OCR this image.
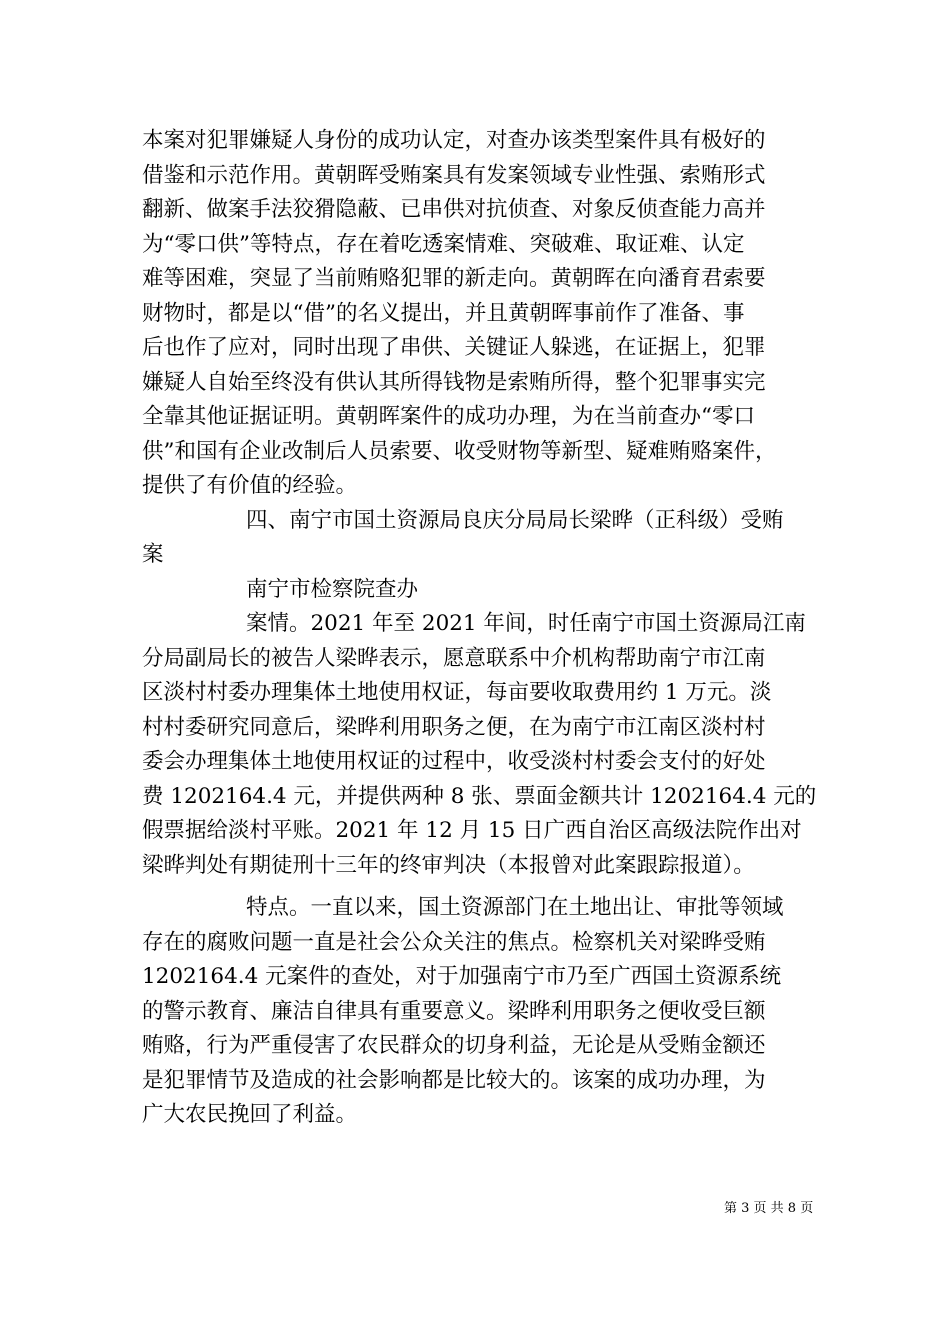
本案对犯罪嫌疑人身份的成功认定，对查办该类型案件具有极好的
借鉴和示范作用。黄朝晖受贿案具有发案领域专业性强、索贿形式
翻新、做案手法狡猾隐蔽、已串供对抗侦查、对象反侦查能力高并
为“零口供”等特点，存在着吃透案情难、突破难、取证难、认定
难等困难，突显了当前贿赂犯罪的新走向。黄朝晖在向潘育君索要
财物时，都是以“借”的名义提出，并且黄朝晖事前作了准备、事
后也作了应对，同时出现了串供、关键证人躲逃，在证据上，犯罪
嫌疑人自始至终没有供认其所得钱物是索贿所得，整个犯罪事实完
全靠其他证据证明。黄朝晖案件的成功办理，为在当前查办“零口
供”和国有企业改制后人员索要、收受财物等新型、疑难贿赂案件，
提供了有价值的经验。
四、南宁市国土资源局良庆分局局长梁晔（正科级）受贿
案
南宁市检察院查办
案情。2021 年至 2021 年间，时任南宁市国土资源局江南
分局副局长的被告人梁晔表示，愿意联系中介机构帮助南宁市江南
区淡村村委办理集体土地使用权证，每亩要收取费用约 1 万元。淡
村村委研究同意后，梁晔利用职务之便，在为南宁市江南区淡村村
委会办理集体土地使用权证的过程中，收受淡村村委会支付的好处
费 1202164.4 元，并提供两种 8 张、票面金额共计 1202164.4 元的
假票据给淡村平账。2021 年 12 月 15 日广西自治区高级法院作出对
梁晔判处有期徒刑十三年的终审判决（本报曾对此案跟踪报道）。
特点。一直以来，国土资源部门在土地出让、审批等领域
存在的腐败问题一直是社会公众关注的焦点。检察机关对梁晔受贿
1202164.4 元案件的查处，对于加强南宁市乃至广西国土资源系统
的警示教育、廉洁自律具有重要意义。梁晔利用职务之便收受巨额
贿赂，行为严重侵害了农民群众的切身利益，无论是从受贿金额还
是犯罪情节及造成的社会影响都是比较大的。该案的成功办理，为
广大农民挽回了利益。
第 3 页 共 8 页
